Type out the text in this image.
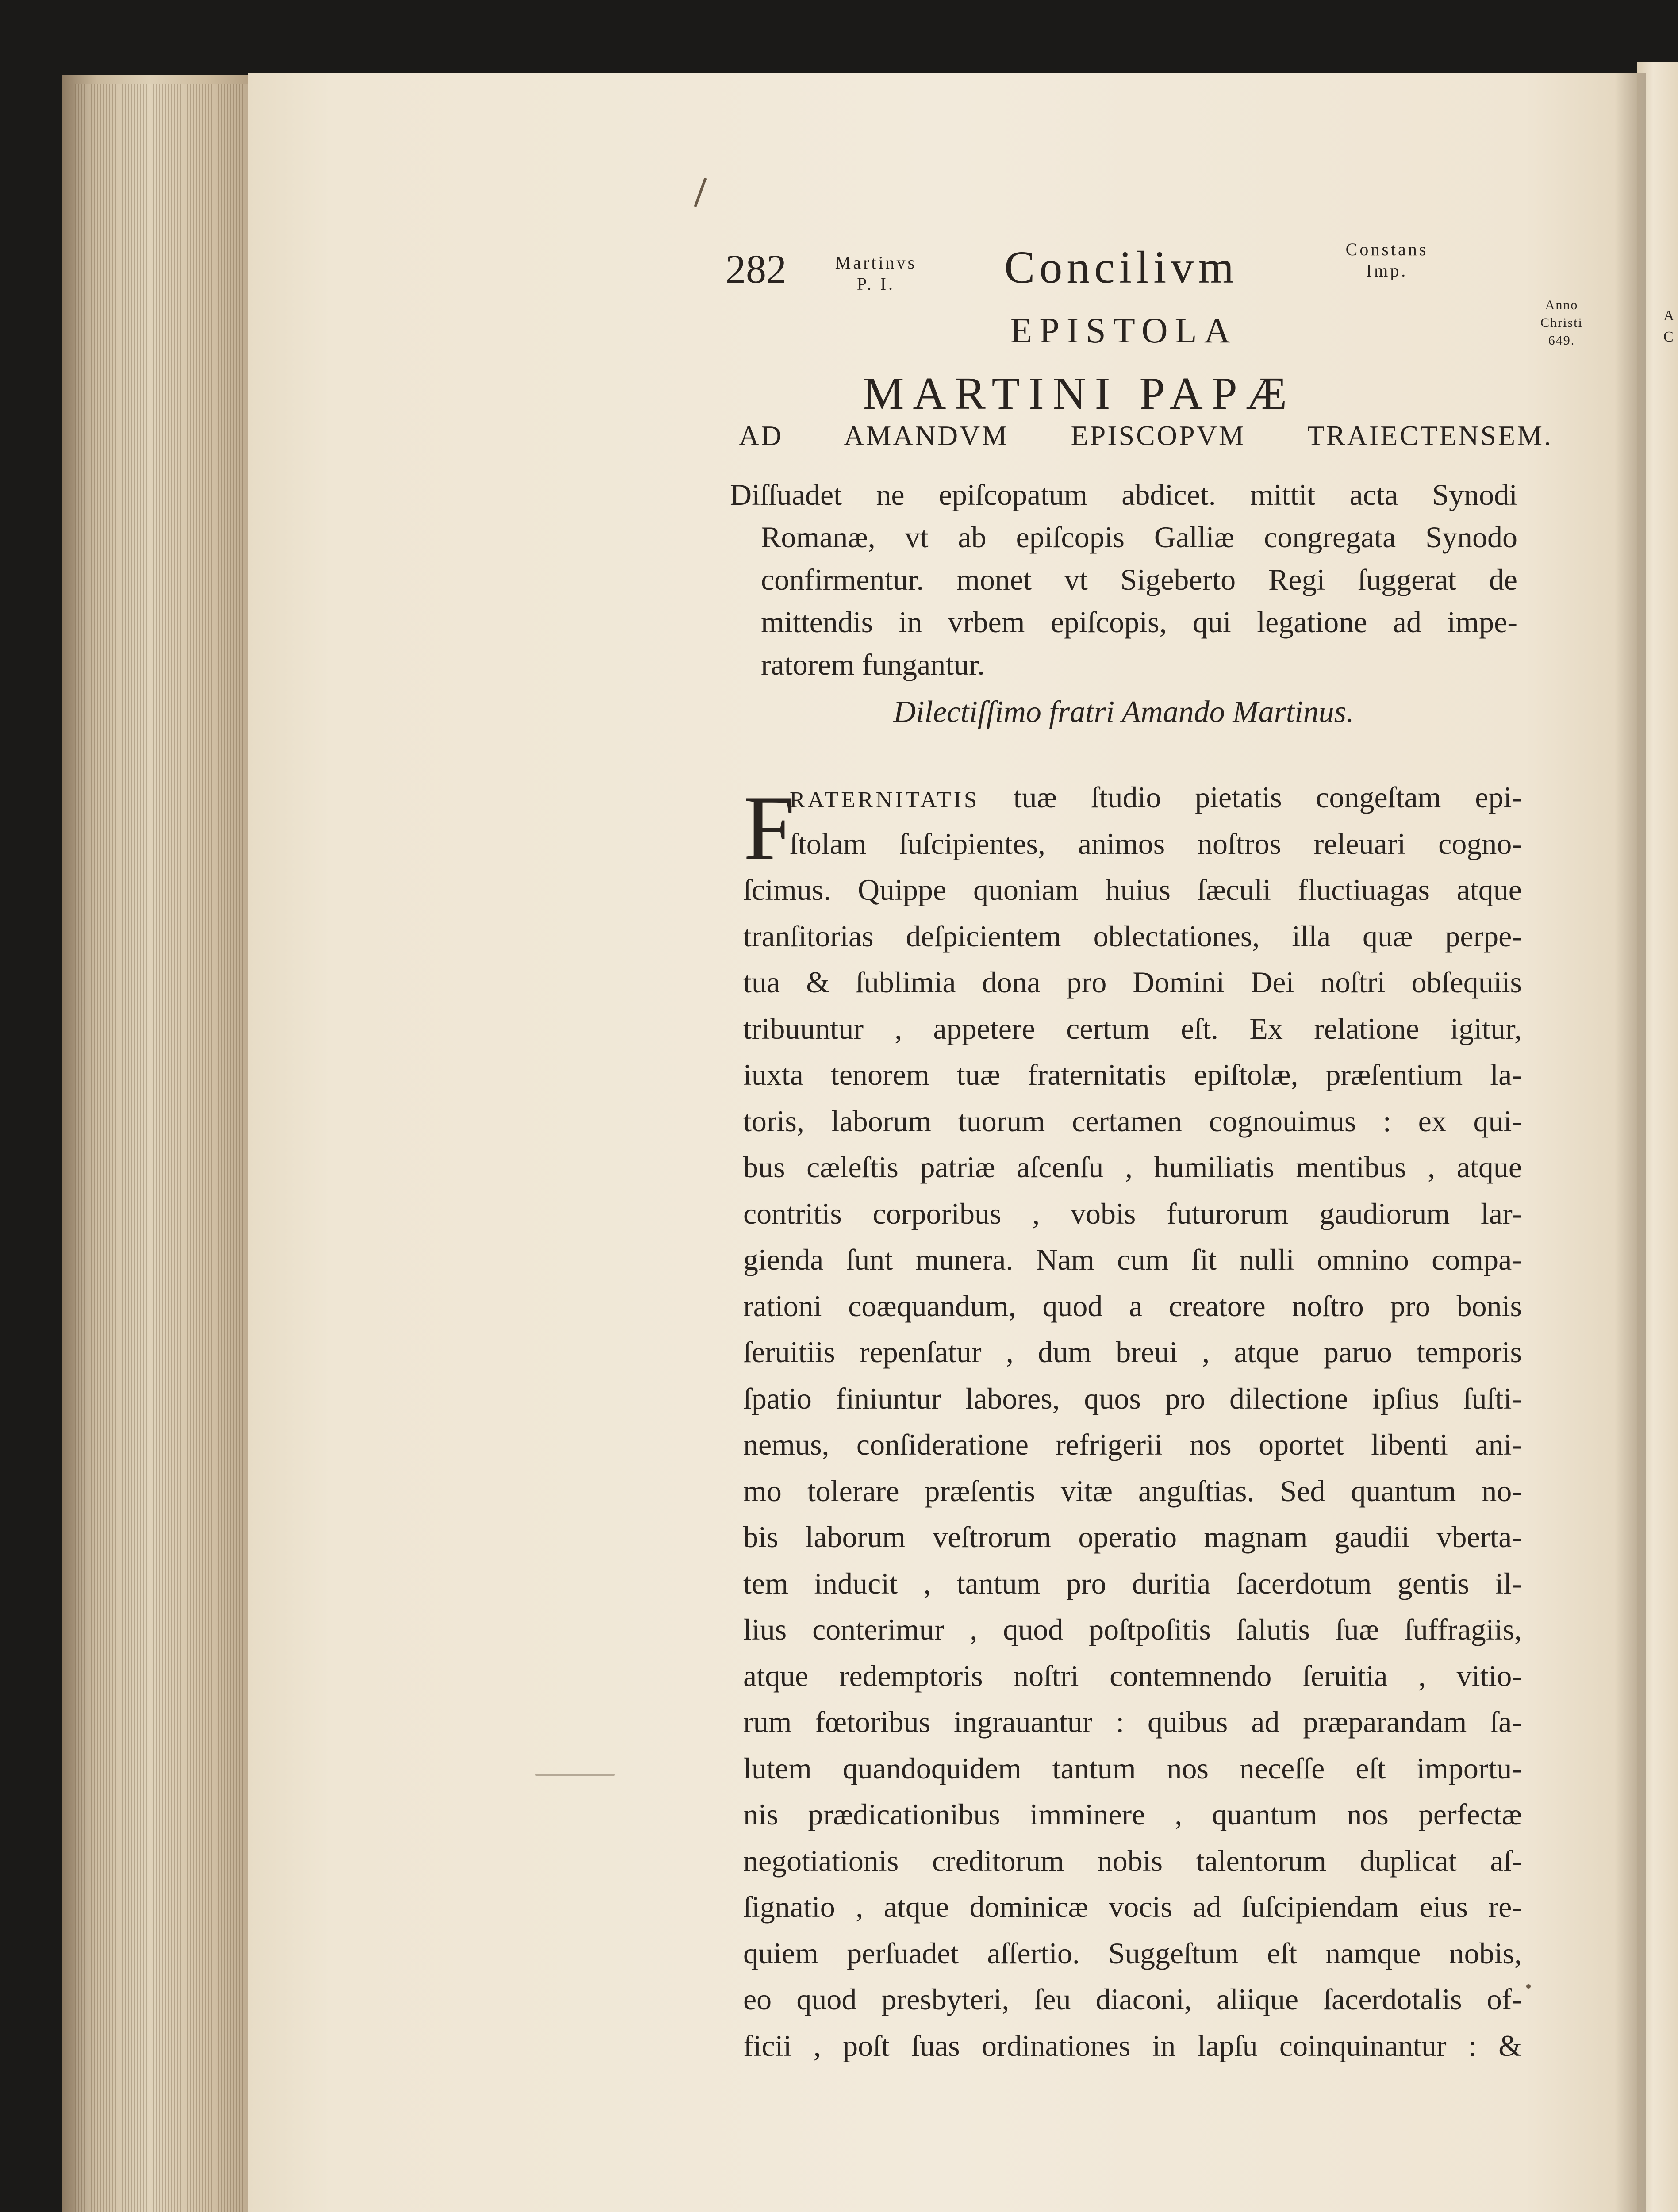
282	Martinvs
P. I.	Concilivm	Constans
Imp.
Anno
Christi
649.
A
C
EPISTOLA
MARTINI PAPÆ
AD AMANDVM EPISCOPVM TRAIECTENSEM.
Diſſuadet ne epiſcopatum abdicet. mittit acta Synodi
Romanæ, vt ab epiſcopis Galliæ congregata Synodo
confirmentur. monet vt Sigeberto Regi ſuggerat de
mittendis in vrbem epiſcopis, qui legatione ad impe-
ratorem fungantur.
Dilectiſſimo fratri Amando Martinus.
F
RATERNITATIS tuæ ſtudio pietatis congeſtam epi-
ſtolam ſuſcipientes, animos noſtros releuari cogno-
ſcimus. Quippe quoniam huius ſæculi fluctiuagas atque
tranſitorias deſpicientem oblectationes, illa quæ perpe-
tua & ſublimia dona pro Domini Dei noſtri obſequiis
tribuuntur , appetere certum eſt. Ex relatione igitur,
iuxta tenorem tuæ fraternitatis epiſtolæ, præſentium la-
toris, laborum tuorum certamen cognouimus : ex qui-
bus cæleſtis patriæ aſcenſu , humiliatis mentibus , atque
contritis corporibus , vobis futurorum gaudiorum lar-
gienda ſunt munera. Nam cum ſit nulli omnino compa-
rationi coæquandum, quod a creatore noſtro pro bonis
ſeruitiis repenſatur , dum breui , atque paruo temporis
ſpatio finiuntur labores, quos pro dilectione ipſius ſuſti-
nemus, conſideratione refrigerii nos oportet libenti ani-
mo tolerare præſentis vitæ anguſtias. Sed quantum no-
bis laborum veſtrorum operatio magnam gaudii vberta-
tem inducit , tantum pro duritia ſacerdotum gentis il-
lius conterimur , quod poſtpoſitis ſalutis ſuæ ſuffragiis,
atque redemptoris noſtri contemnendo ſeruitia , vitio-
rum fœtoribus ingrauantur : quibus ad præparandam ſa-
lutem quandoquidem tantum nos neceſſe eſt importu-
nis prædicationibus imminere , quantum nos perfectæ
negotiationis creditorum nobis talentorum duplicat aſ-
ſignatio , atque dominicæ vocis ad ſuſcipiendam eius re-
quiem perſuadet aſſertio. Suggeſtum eſt namque nobis,
eo quod presbyteri, ſeu diaconi, aliique ſacerdotalis of-
ficii , poſt ſuas ordinationes in lapſu coinquinantur : &
